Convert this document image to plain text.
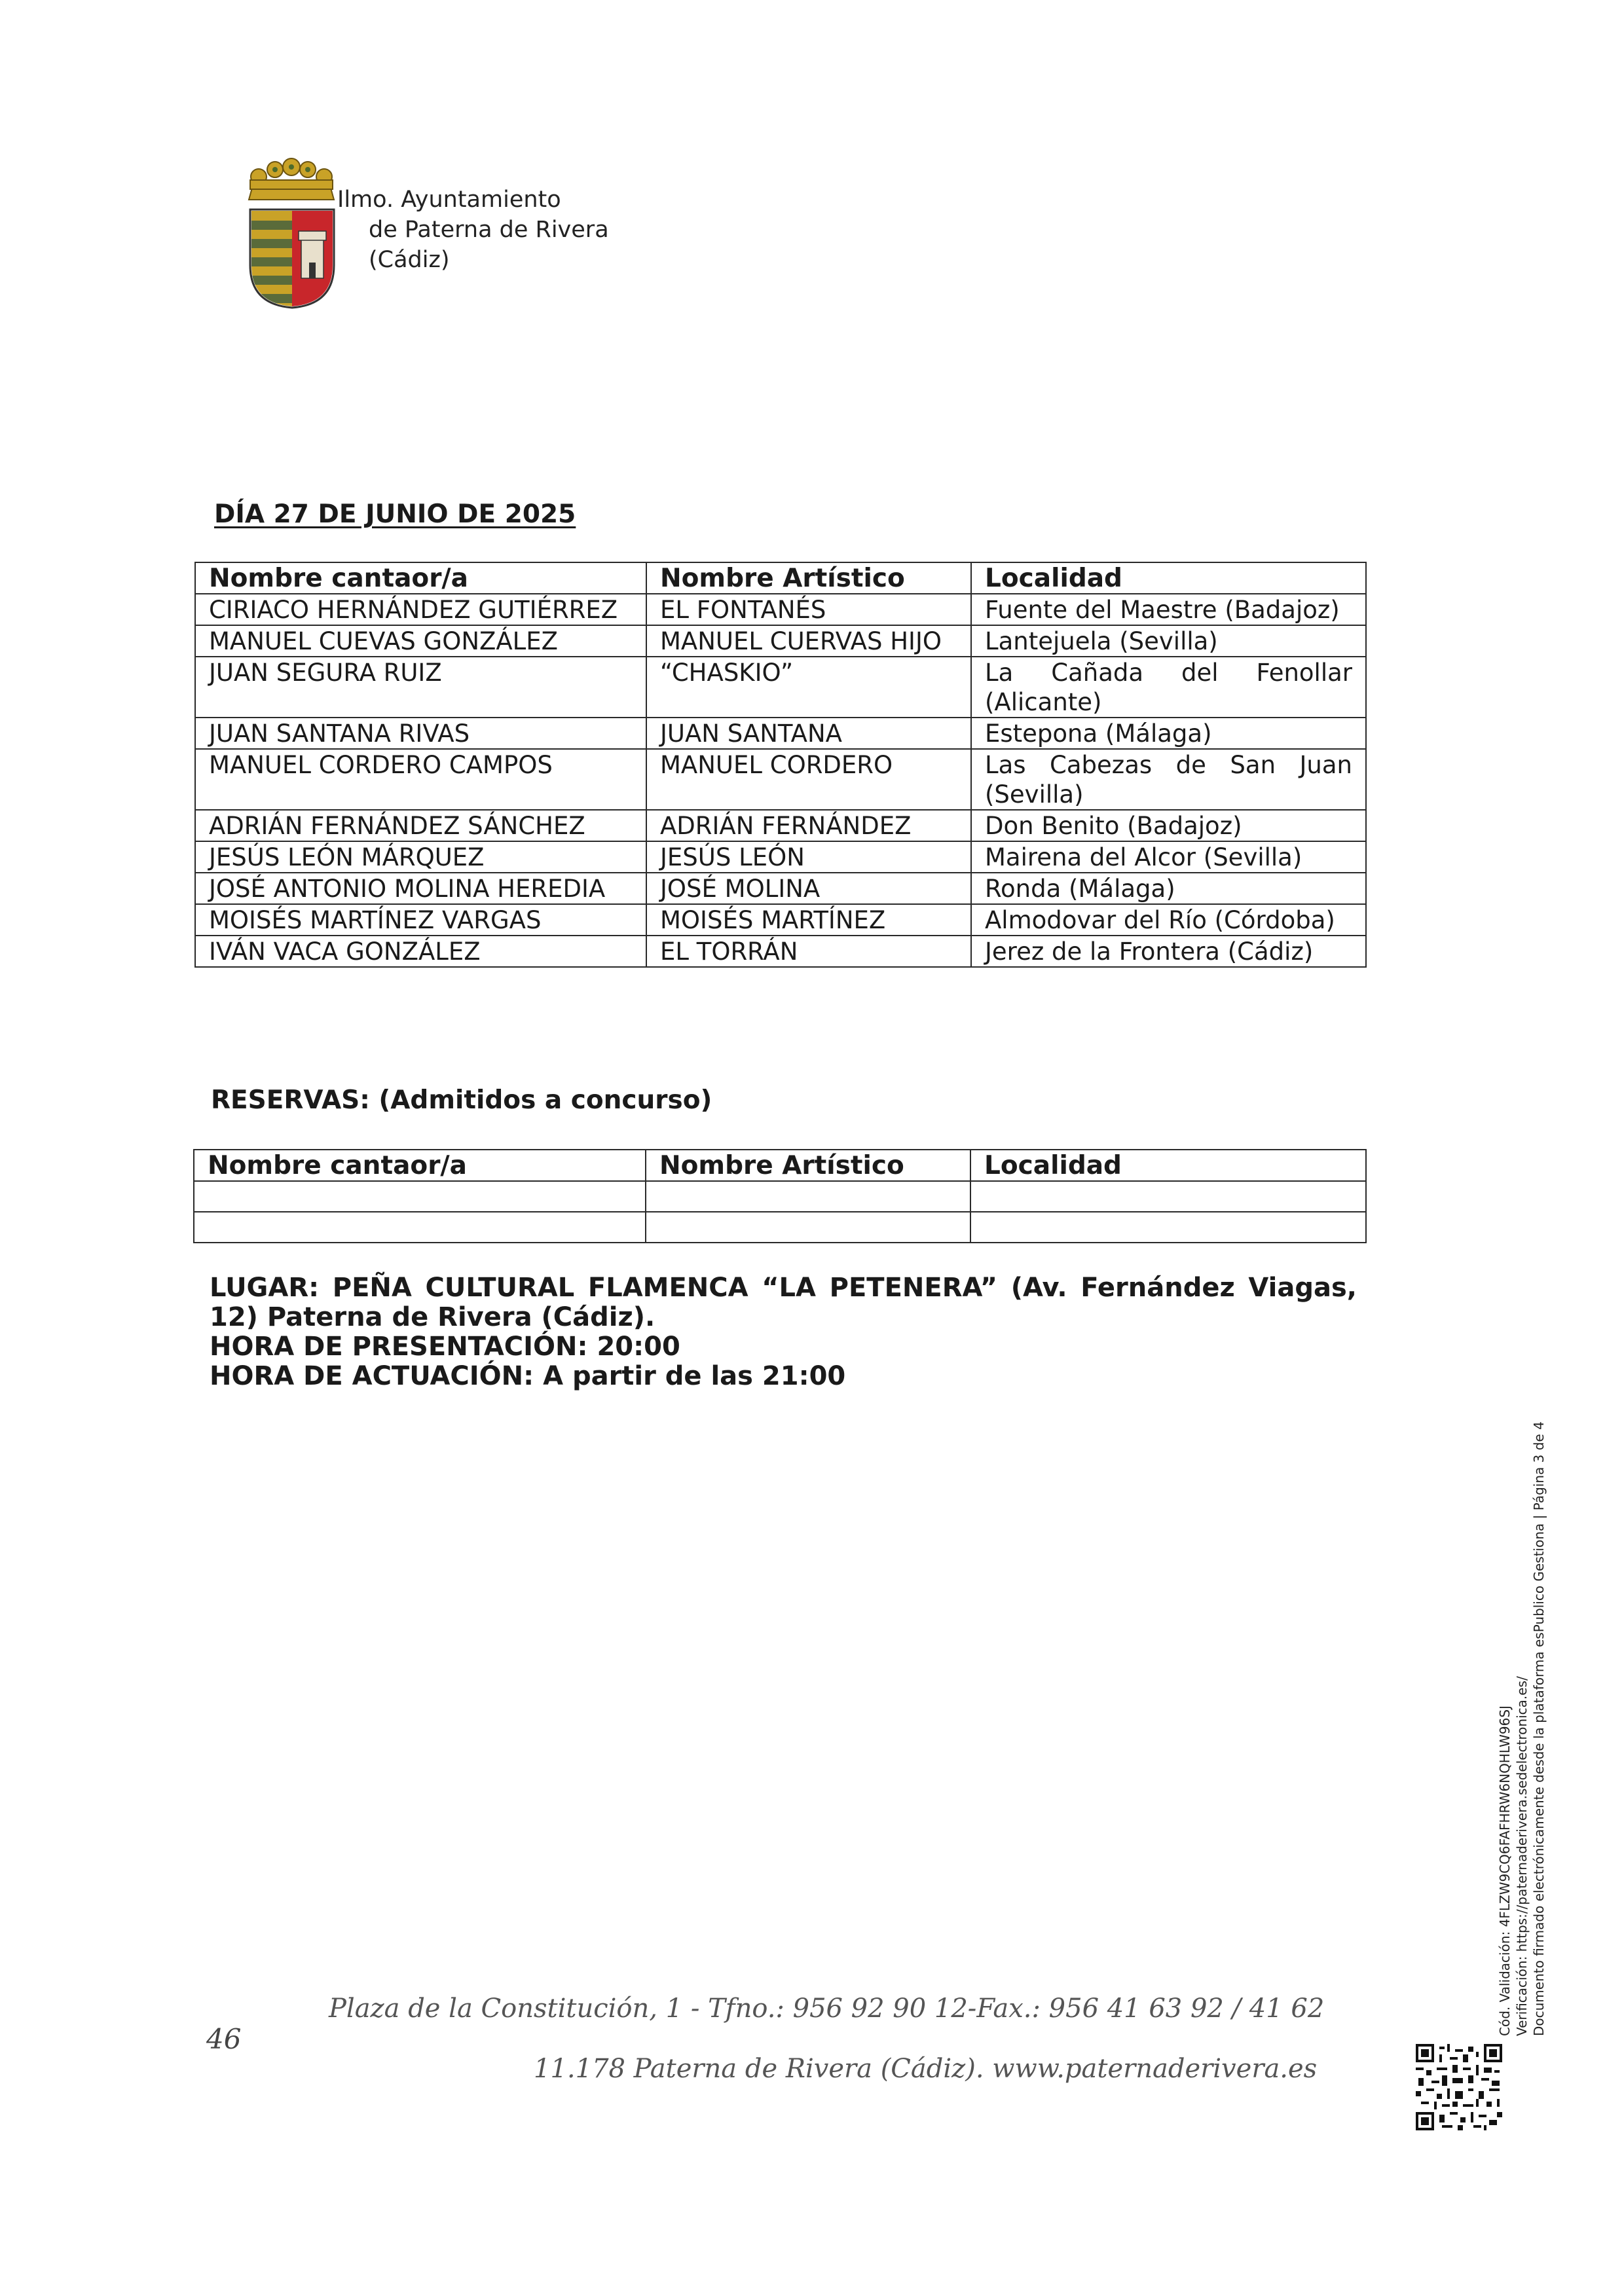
Ilmo. Ayuntamiento
de Paterna de Rivera
(Cádiz)
DÍA 27 DE JUNIO DE 2025
Nombre cantaor/a	Nombre Artístico	Localidad
CIRIACO HERNÁNDEZ GUTIÉRREZ	EL FONTANÉS	Fuente del Maestre (Badajoz)
MANUEL CUEVAS GONZÁLEZ	MANUEL CUERVAS HIJO	Lantejuela (Sevilla)
JUAN SEGURA RUIZ	“CHASKIO”	La Cañada del Fenollar (Alicante)
JUAN SANTANA RIVAS	JUAN SANTANA	Estepona (Málaga)
MANUEL CORDERO CAMPOS	MANUEL CORDERO	Las Cabezas de San Juan (Sevilla)
ADRIÁN FERNÁNDEZ SÁNCHEZ	ADRIÁN FERNÁNDEZ	Don Benito (Badajoz)
JESÚS LEÓN MÁRQUEZ	JESÚS LEÓN	Mairena del Alcor (Sevilla)
JOSÉ ANTONIO MOLINA HEREDIA	JOSÉ MOLINA	Ronda (Málaga)
MOISÉS MARTÍNEZ VARGAS	MOISÉS MARTÍNEZ	Almodovar del Río (Córdoba)
IVÁN VACA GONZÁLEZ	EL TORRÁN	Jerez de la Frontera (Cádiz)
RESERVAS: (Admitidos a concurso)
Nombre cantaor/a	Nombre Artístico	Localidad

LUGAR: PEÑA CULTURAL FLAMENCA “LA PETENERA” (Av. Fernández Viagas, 12) Paterna de Rivera (Cádiz).

HORA DE PRESENTACIÓN: 20:00

HORA DE ACTUACIÓN: A partir de las 21:00

Plaza de la Constitución, 1 - Tfno.: 956 92 90 12-Fax.: 956 41 63 92 / 41 62
11.178 Paterna de Rivera (Cádiz). www.paternaderivera.es
46
Cód. Validación: 4FLZW9CQ6FAFHRW6NQHLW96SJ Verificación: https://paternaderivera.sedelectronica.es/ Documento firmado electrónicamente desde la plataforma esPublico Gestiona | Página 3 de 4
